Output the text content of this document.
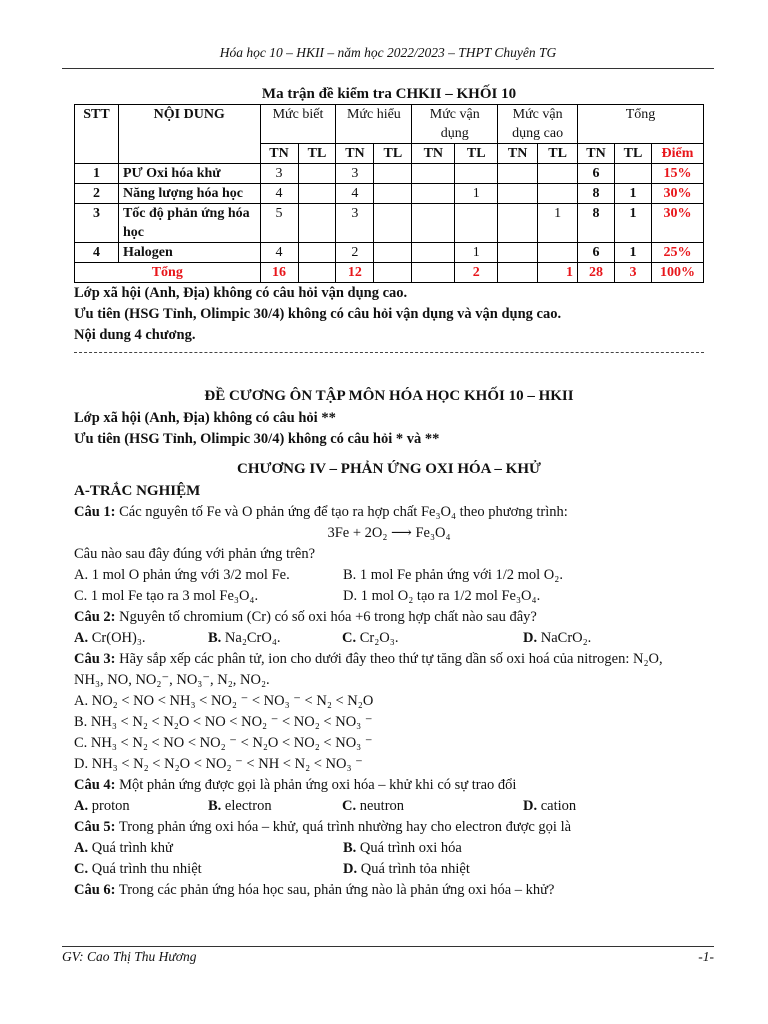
Hóa học 10 – HKII – năm học 2022/2023 – THPT Chuyên TG
Ma trận đề kiểm tra CHKII – KHỐI 10
STT	NỘI DUNG	Mức biết		Mức hiểu		Mức vận dụng		Mức vận dụng cao		Tổng		
		TN	TL	TN	TL	TN	TL	TN	TL	TN	TL	Điểm
1	PƯ Oxi hóa khử	3		3						6		15%
2	Năng lượng hóa học	4		4			1			8	1	30%
3	Tốc độ phản ứng hóa học	5		3					1	8	1	30%
4	Halogen	4		2			1			6	1	25%
Tổng		16		12			2		1	28	3	100%

Lớp xã hội (Anh, Địa) không có câu hỏi vận dụng cao.

Ưu tiên (HSG Tỉnh, Olimpic 30/4) không có câu hỏi vận dụng và vận dụng cao.

Nội dung 4 chương.

ĐỀ CƯƠNG ÔN TẬP MÔN HÓA HỌC KHỐI 10 – HKII
Lớp xã hội (Anh, Địa) không có câu hỏi **
Ưu tiên (HSG Tỉnh, Olimpic 30/4) không có câu hỏi * và **
CHƯƠNG IV – PHẢN ỨNG OXI HÓA – KHỬ
A-TRẮC NGHIỆM
Câu 1: Các nguyên tố Fe và O phản ứng để tạo ra hợp chất Fe₃O₄ theo phương trình:
3Fe + 2O₂ ⟶ Fe₃O₄
Câu nào sau đây đúng với phản ứng trên?
A. 1 mol O phản ứng với 3/2 mol Fe.	B. 1 mol Fe phản ứng với 1/2 mol O₂.
C. 1 mol Fe tạo ra 3 mol Fe₃O₄.	D. 1 mol O₂ tạo ra 1/2 mol Fe₃O₄.
Câu 2: Nguyên tố chromium (Cr) có số oxi hóa +6 trong hợp chất nào sau đây?
A. Cr(OH)₃.	B. Na₂CrO₄.	C. Cr₂O₃.	D. NaCrO₂.
Câu 3: Hãy sắp xếp các phân tử, ion cho dưới đây theo thứ tự tăng dần số oxi hoá của nitrogen: N₂O,
NH₃, NO, NO₂⁻, NO₃⁻, N₂, NO₂.
A. NO₂ < NO < NH₃ < NO₂ ⁻ < NO₃ ⁻ < N₂ < N₂O
B. NH₃ < N₂ < N₂O < NO < NO₂ ⁻ < NO₂ < NO₃ ⁻
C. NH₃ < N₂ < NO < NO₂ ⁻ < N₂O < NO₂ < NO₃ ⁻
D. NH₃ < N₂ < N₂O < NO₂ ⁻ < NH < N₂ < NO₃ ⁻
Câu 4: Một phản ứng được gọi là phản ứng oxi hóa – khử khi có sự trao đổi
A. proton	B. electron	C. neutron	D. cation
Câu 5: Trong phản ứng oxi hóa – khử, quá trình nhường hay cho electron được gọi là
A. Quá trình khử	B. Quá trình oxi hóa
C. Quá trình thu nhiệt	D. Quá trình tỏa nhiệt
Câu 6: Trong các phản ứng hóa học sau, phản ứng nào là phản ứng oxi hóa – khử?
GV: Cao Thị Thu Hương	-1-
